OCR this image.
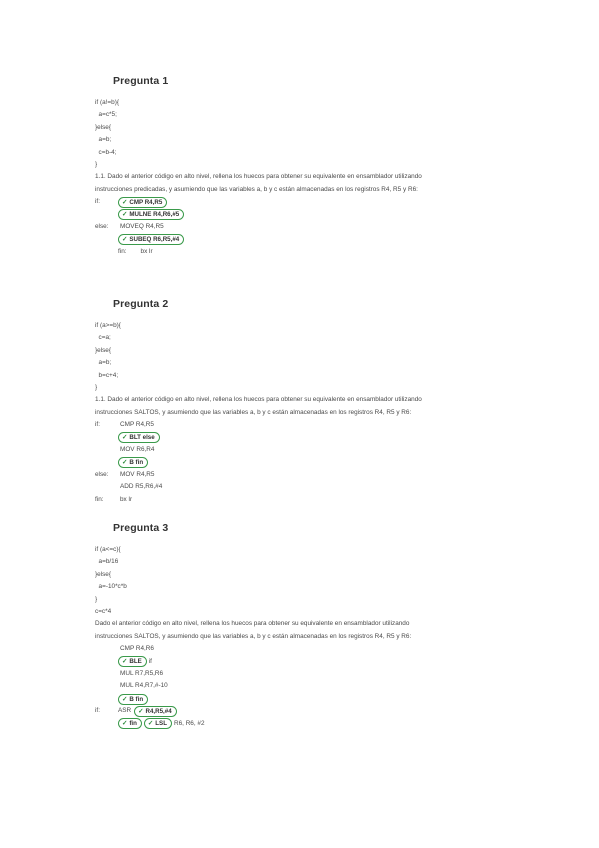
Pregunta 1
if (a!=b){
a=c*5;
}else{
a=b;
c=b-4;
}
1.1. Dado el anterior código en alto nivel, rellena los huecos para obtener su equivalente en ensamblador utilizando
instrucciones predicadas, y asumiendo que las variables a, b y c están almacenadas en los registros R4, R5 y R6:
if:	✓ CMP R4,R5
✓ MULNE R4,R6,#5
else:	MOVEQ R4,R5
✓ SUBEQ R6,R5,#4
fin: bx lr
Pregunta 2
if (a>=b){
c=a;
}else{
a=b;
b=c+4;
}
1.1. Dado el anterior código en alto nivel, rellena los huecos para obtener su equivalente en ensamblador utilizando
instrucciones SALTOS, y asumiendo que las variables a, b y c están almacenadas en los registros R4, R5 y R6:
if:	CMP R4,R5
✓ BLT else
MOV R6,R4
✓ B fin
else:	MOV R4,R5
ADD R5,R6,#4
fin:	bx lr
Pregunta 3
if (a<=c){
a=b/16
}else{
a=-10*c*b
}
c=c*4
Dado el anterior código en alto nivel, rellena los huecos para obtener su equivalente en ensamblador utilizando
instrucciones SALTOS, y asumiendo que las variables a, b y c están almacenadas en los registros R4, R5 y R6:
CMP R4,R6
✓ BLE if
MUL R7,R5,R6
MUL R4,R7,#-10
✓ B fin
if:	ASR ✓ R4,R5,#4
✓ fin ✓ LSL R6, R6, #2
